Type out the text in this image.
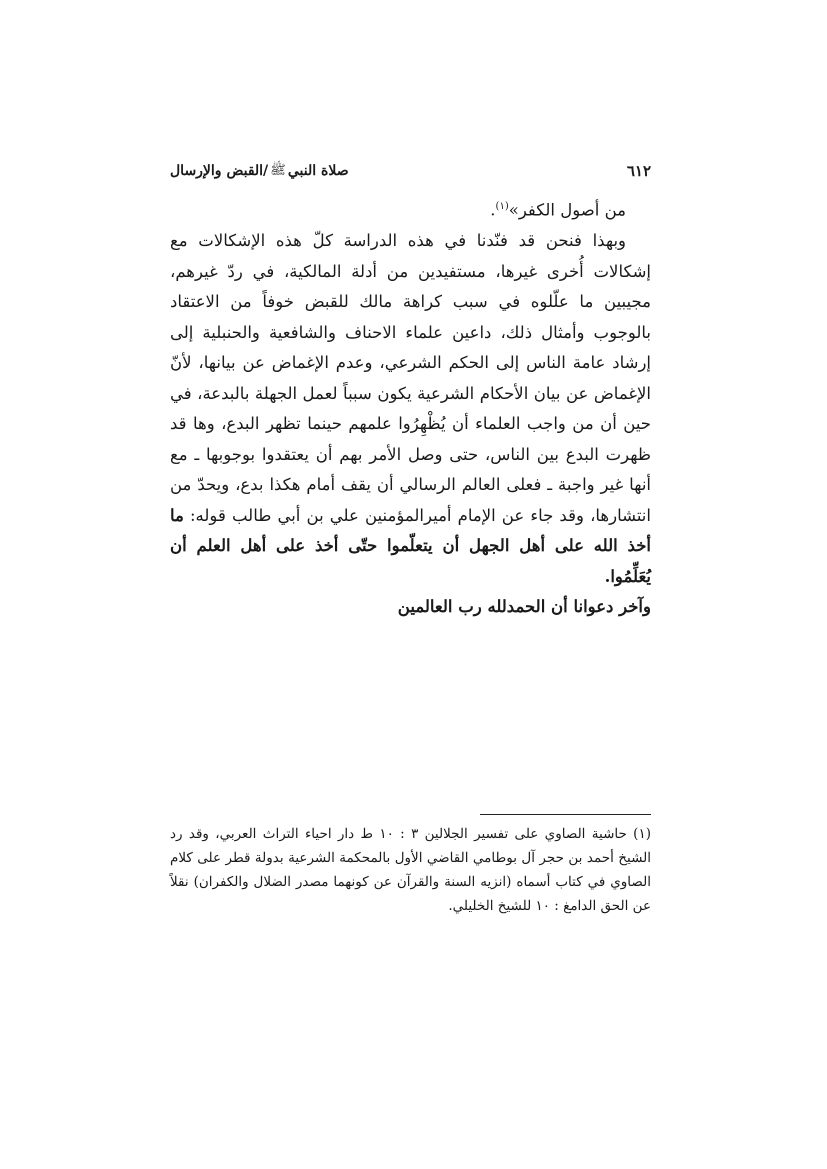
٦١٢
صلاة النبي
ﷺ
/القبض والإرسال

من أصول الكفر»$^{(١)}$.

وبهذا فنحن قد فنّدنا في هذه الدراسة كلّ هذه الإشكالات مع إشكالات أُخرى غيرها، مستفيدين من أدلة المالكية، في ردّ غيرهم، مجيبين ما علّلوه في سبب كراهة مالك للقبض خوفاً من الاعتقاد بالوجوب وأمثال ذلك، داعين علماء الاحناف والشافعية والحنبلية إلى إرشاد عامة الناس إلى الحكم الشرعي، وعدم الإغماض عن بيانها، لأنّ الإغماض عن بيان الأحكام الشرعية يكون سبباً لعمل الجهلة بالبدعة، في حين أن من واجب العلماء أن يُظْهِرُوا علمهم حينما تظهر البدع، وها قد ظهرت البدع بين الناس، حتى وصل الأمر بهم أن يعتقدوا بوجوبها ـ مع أنها غير واجبة ـ فعلى العالم الرسالي أن يقف أمام هكذا بدع، ويحدّ من انتشارها، وقد جاء عن الإمام أميرالمؤمنين علي بن أبي طالب قوله: ما أخذ الله على أهل الجهل أن يتعلّموا حتّى أخذ على أهل العلم أن يُعَلِّمُوا.

وآخر دعوانا أن الحمدلله رب العالمين

(١) حاشية الصاوي على تفسير الجلالين ٣ : ١٠ ط دار احياء التراث العربي، وقد رد الشيخ أحمد بن حجر آل بوطامي القاضي الأول بالمحكمة الشرعية بدولة قطر على كلام الصاوي في كتاب أسماه (انزيه السنة والقرآن عن كونهما مصدر الضلال والكفران) نقلاً عن الحق الدامغ : ١٠ للشيخ الخليلي.
